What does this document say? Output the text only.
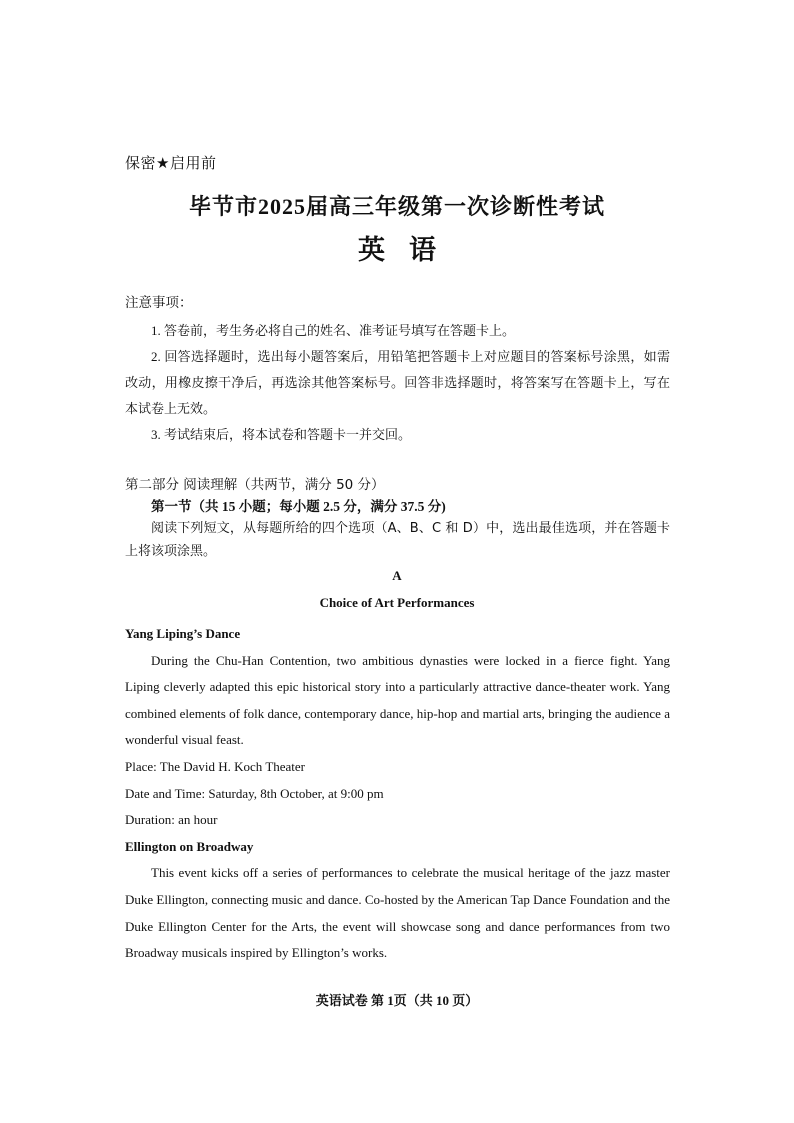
保密★启用前
毕节市2025届高三年级第一次诊断性考试
英语
注意事项：

1. 答卷前，考生务必将自己的姓名、准考证号填写在答题卡上。

2. 回答选择题时，选出每小题答案后，用铅笔把答题卡上对应题目的答案标号涂黑，如需改动，用橡皮擦干净后，再选涂其他答案标号。回答非选择题时，将答案写在答题卡上，写在本试卷上无效。

3. 考试结束后，将本试卷和答题卡一并交回。

第二部分 阅读理解（共两节，满分 50 分）
第一节（共 15 小题；每小题 2.5 分，满分 37.5 分)
阅读下列短文，从每题所给的四个选项（A、B、C 和 D）中，选出最佳选项，并在答题卡上将该项涂黑。
A
Choice of Art Performances

Yang Liping’s Dance

During the Chu-Han Contention, two ambitious dynasties were locked in a fierce fight. Yang Liping cleverly adapted this epic historical story into a particularly attractive dance-theater work. Yang combined elements of folk dance, contemporary dance, hip-hop and martial arts, bringing the audience a wonderful visual feast.

Place: The David H. Koch Theater

Date and Time: Saturday, 8th October, at 9:00 pm

Duration: an hour

Ellington on Broadway

This event kicks off a series of performances to celebrate the musical heritage of the jazz master Duke Ellington, connecting music and dance. Co-hosted by the American Tap Dance Foundation and the Duke Ellington Center for the Arts, the event will showcase song and dance performances from two Broadway musicals inspired by Ellington’s works.

英语试卷 第 1页（共 10 页）
